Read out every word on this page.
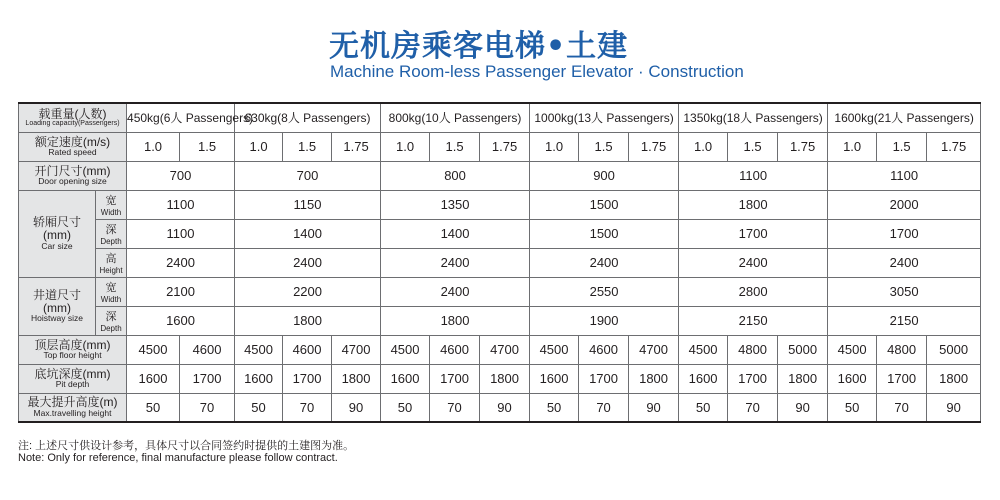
无机房乘客电梯•土建
Machine Room-less Passenger Elevator · Construction
载重量(人数)
Loading capacity(Passengers)		450kg(6人 Passengers)		630kg(8人 Passengers)			800kg(10人 Passengers)			1000kg(13人 Passengers)			1350kg(18人 Passengers)			1600kg(21人 Passengers)		

额定速度(m/s)
Rated speed		1.0	1.5	1.0	1.5	1.75	1.0	1.5	1.75	1.0	1.5	1.75	1.0	1.5	1.75	1.0	1.5	1.75

开门尺寸(mm)
Door opening size		700		700			800			900			1100			1100		

轿厢尺寸
(mm)
Car size	宽
Width	1100		1150			1350			1500			1800			2000		

	深
Depth	1100		1400			1400			1500			1700			1700		

	高
Height	2400		2400			2400			2400			2400			2400		

井道尺寸
(mm)
Hoistway size	宽
Width	2100		2200			2400			2550			2800			3050		

	深
Depth	1600		1800			1800			1900			2150			2150		

顶层高度(mm)
Top floor height		4500	4600	4500	4600	4700	4500	4600	4700	4500	4600	4700	4500	4800	5000	4500	4800	5000

底坑深度(mm)
Pit depth		1600	1700	1600	1700	1800	1600	1700	1800	1600	1700	1800	1600	1700	1800	1600	1700	1800

最大提升高度(m)
Max.travelling height		50	70	50	70	90	50	70	90	50	70	90	50	70	90	50	70	90
注: 上述尺寸供设计参考，具体尺寸以合同签约时提供的土建图为准。
Note: Only for reference, final manufacture please follow contract.
